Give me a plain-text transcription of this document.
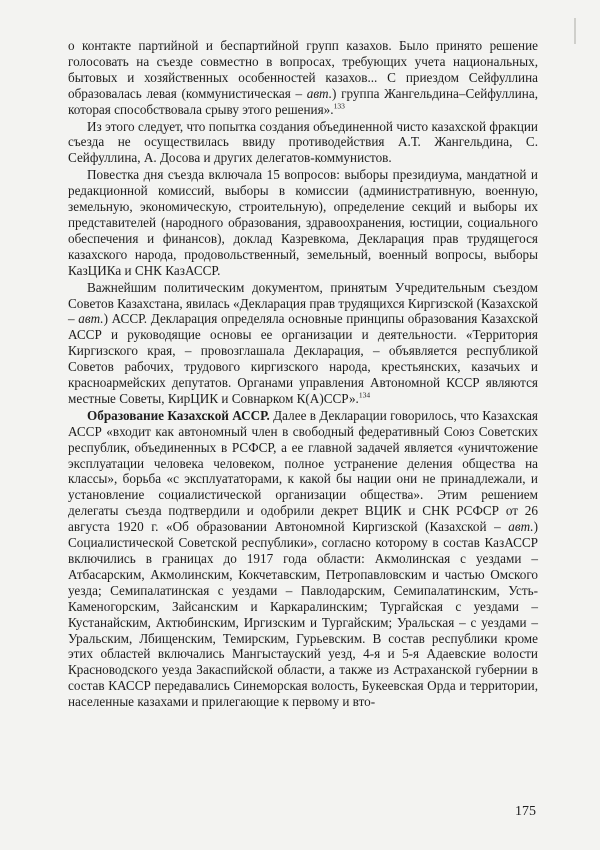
о контакте партийной и беспартийной групп казахов. Было принято решение голосовать на съезде совместно в вопросах, требующих учета национальных, бытовых и хозяйственных особенностей казахов... С приездом Сейфуллина образовалась левая (коммунистическая – авт.) группа Жангельдина–Сейфуллина, которая способствовала срыву этого решения».$^{133}$

Из этого следует, что попытка создания объединенной чисто казахской фракции съезда не осуществилась ввиду противодействия А.Т. Жангельдина, С. Сейфуллина, А. Досова и других делегатов-коммунистов.

Повестка дня съезда включала 15 вопросов: выборы президиума, мандатной и редакционной комиссий, выборы в комиссии (административную, военную, земельную, экономическую, строительную), определение секций и выборы их представителей (народного образования, здравоохранения, юстиции, социального обеспечения и финансов), доклад Казревкома, Декларация прав трудящегося казахского народа, продовольственный, земельный, военный вопросы, выборы КазЦИКа и СНК КазАССР.

Важнейшим политическим документом, принятым Учредительным съездом Советов Казахстана, явилась «Декларация прав трудящихся Киргизской (Казахской – авт.) АССР. Декларация определяла основные принципы образования Казахской АССР и руководящие основы ее организации и деятельности. «Территория Киргизского края, – провозглашала Декларация, – объявляется республикой Советов рабочих, трудового киргизского народа, крестьянских, казачьих и красноармейских депутатов. Органами управления Автономной КССР являются местные Советы, КирЦИК и Совнарком К(А)ССР».$^{134}$

Образование Казахской АССР. Далее в Декларации говорилось, что Казахская АССР «входит как автономный член в свободный федеративный Союз Советских республик, объединенных в РСФСР, а ее главной задачей является «уничтожение эксплуатации человека человеком, полное устранение деления общества на классы», борьба «с эксплуататорами, к какой бы нации они не принадлежали, и установление социалистической организации общества». Этим решением делегаты съезда подтвердили и одобрили декрет ВЦИК и СНК РСФСР от 26 августа 1920 г. «Об образовании Автономной Киргизской (Казахской – авт.) Социалистической Советской республики», согласно которому в состав КазАССР включились в границах до 1917 года области: Акмолинская с уездами – Атбасарским, Акмолинским, Кокчетавским, Петропавловским и частью Омского уезда; Семипалатинская с уездами – Павлодарским, Семипалатинским, Усть-Каменогорским, Зайсанским и Каркаралинским; Тургайская с уездами – Кустанайским, Актюбинским, Иргизским и Тургайским; Уральская – с уездами – Уральским, Лбищенским, Темирским, Гурьевским. В состав республики кроме этих областей включались Мангыстауский уезд, 4-я и 5-я Адаевские волости Красноводского уезда Закаспийской области, а также из Астраханской губернии в состав КАССР передавались Синеморская волость, Букеевская Орда и территории, населенные казахами и прилегающие к первому и вто-

175
